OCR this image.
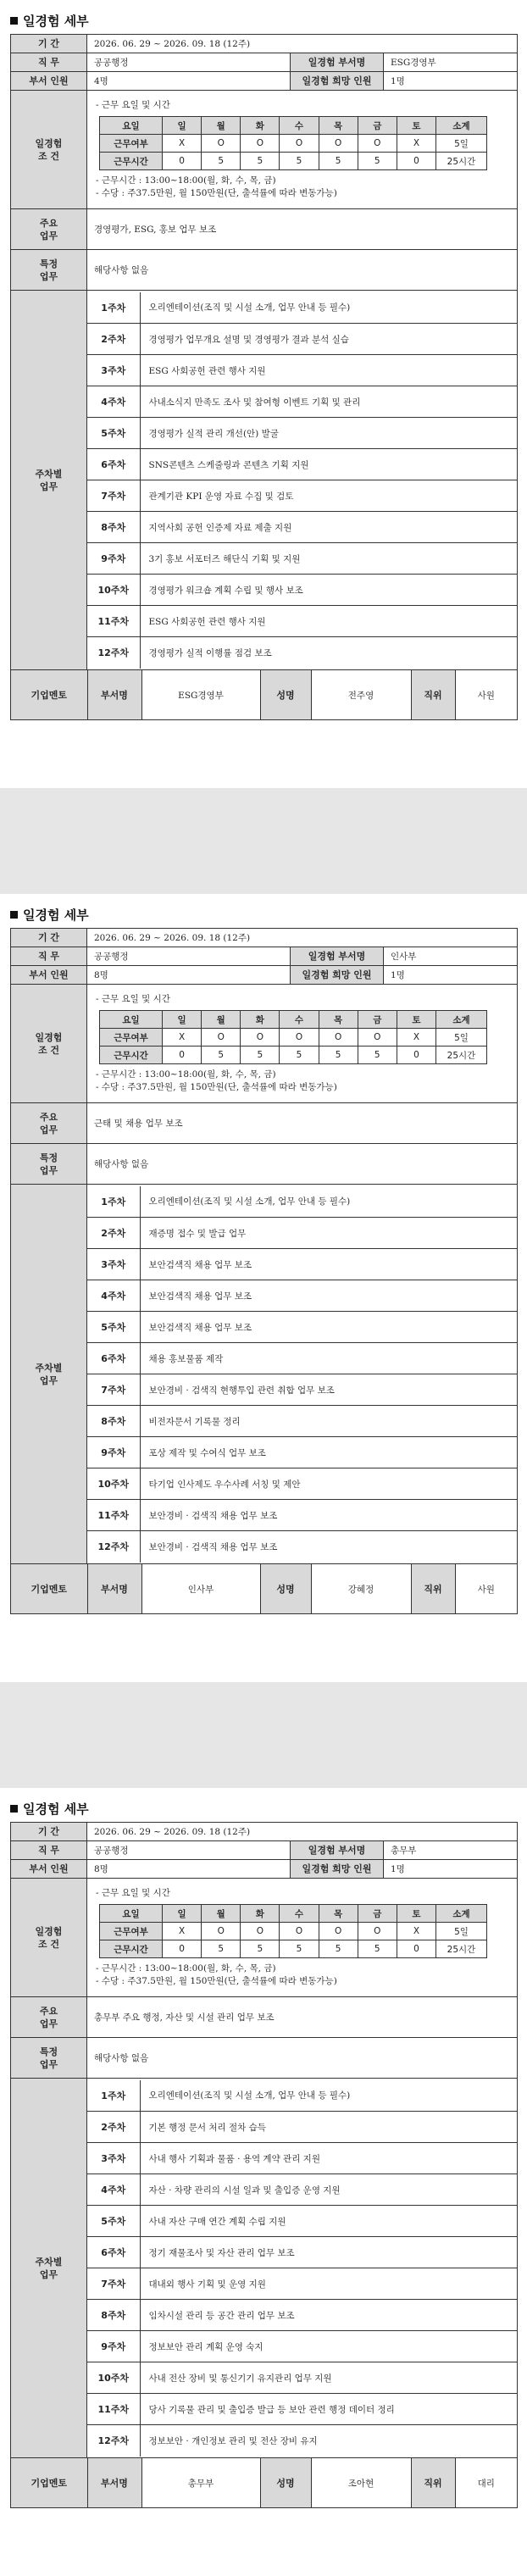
일경험 세부
기 간	2026. 06. 29 ~ 2026. 09. 18 (12주)
직 무	공공행정	일경험 부서명	ESG경영부
부서 인원	4명	일경험 희망 인원	1명
일경험
조 건	
- 근무 요일 및 시간
요일	일	월	화	수	목	금	토	소계
근무여부	X	O	O	O	O	O	X	5일
근무시간	0	5	5	5	5	5	0	25시간
- 근무시간 : 13:00~18:00(월, 화, 수, 목, 금)
- 수당 : 주37.5만원, 월 150만원(단, 출석률에 따라 변동가능)

주요
업무	경영평가, ESG, 홍보 업무 보조
특정
업무	해당사항 없음
주차별
업무	
1주차	오리엔테이션(조직 및 시설 소개, 업무 안내 등 필수)
2주차	경영평가 업무개요 설명 및 경영평가 결과 분석 실습
3주차	ESG 사회공헌 관련 행사 지원
4주차	사내소식지 만족도 조사 및 참여형 이벤트 기획 및 관리
5주차	경영평가 실적 관리 개선(안) 발굴
6주차	SNS콘텐츠 스케줄링과 콘텐츠 기획 지원
7주차	관계기관 KPI 운영 자료 수집 및 검토
8주차	지역사회 공헌 인증제 자료 제출 지원
9주차	3기 홍보 서포터즈 해단식 기획 및 지원
10주차	경영평가 워크숍 계획 수립 및 행사 보조
11주차	ESG 사회공헌 관련 행사 지원
12주차	경영평가 실적 이행률 점검 보조

기업멘토	부서명	ESG경영부	성명	전주영	직위	사원
일경험 세부
기 간	2026. 06. 29 ~ 2026. 09. 18 (12주)
직 무	공공행정	일경험 부서명	인사부
부서 인원	8명	일경험 희망 인원	1명
일경험
조 건	
- 근무 요일 및 시간
요일	일	월	화	수	목	금	토	소계
근무여부	X	O	O	O	O	O	X	5일
근무시간	0	5	5	5	5	5	0	25시간
- 근무시간 : 13:00~18:00(월, 화, 수, 목, 금)
- 수당 : 주37.5만원, 월 150만원(단, 출석률에 따라 변동가능)

주요
업무	근태 및 채용 업무 보조
특정
업무	해당사항 없음
주차별
업무	
1주차	오리엔테이션(조직 및 시설 소개, 업무 안내 등 필수)
2주차	재증명 접수 및 발급 업무
3주차	보안검색직 채용 업무 보조
4주차	보안검색직 채용 업무 보조
5주차	보안검색직 채용 업무 보조
6주차	채용 홍보물품 제작
7주차	보안경비 · 검색직 현행투입 관련 취합 업무 보조
8주차	비전자문서 기록물 정리
9주차	포상 제작 및 수여식 업무 보조
10주차	타기업 인사제도 우수사례 서칭 및 제안
11주차	보안경비 · 검색직 채용 업무 보조
12주차	보안경비 · 검색직 채용 업무 보조

기업멘토	부서명	인사부	성명	강혜정	직위	사원
일경험 세부
기 간	2026. 06. 29 ~ 2026. 09. 18 (12주)
직 무	공공행정	일경험 부서명	총무부
부서 인원	8명	일경험 희망 인원	1명
일경험
조 건	
- 근무 요일 및 시간
요일	일	월	화	수	목	금	토	소계
근무여부	X	O	O	O	O	O	X	5일
근무시간	0	5	5	5	5	5	0	25시간
- 근무시간 : 13:00~18:00(월, 화, 수, 목, 금)
- 수당 : 주37.5만원, 월 150만원(단, 출석률에 따라 변동가능)

주요
업무	총무부 주요 행정, 자산 및 시설 관리 업무 보조
특정
업무	해당사항 없음
주차별
업무	
1주차	오리엔테이션(조직 및 시설 소개, 업무 안내 등 필수)
2주차	기본 행정 문서 처리 절차 습득
3주차	사내 행사 기획과 물품 · 용역 계약 관리 지원
4주차	자산 · 차량 관리의 시설 일과 및 출입증 운영 지원
5주차	사내 자산 구매 연간 계획 수립 지원
6주차	정기 재물조사 및 자산 관리 업무 보조
7주차	대내외 행사 기획 및 운영 지원
8주차	임차시설 관리 등 공간 관리 업무 보조
9주차	정보보안 관리 계획 운영 숙지
10주차	사내 전산 장비 및 통신기기 유지관리 업무 지원
11주차	당사 기록물 관리 및 출입증 발급 등 보안 관련 행정 데이터 정리
12주차	정보보안 · 개인정보 관리 및 전산 장비 유지

기업멘토	부서명	총무부	성명	조아현	직위	대리
